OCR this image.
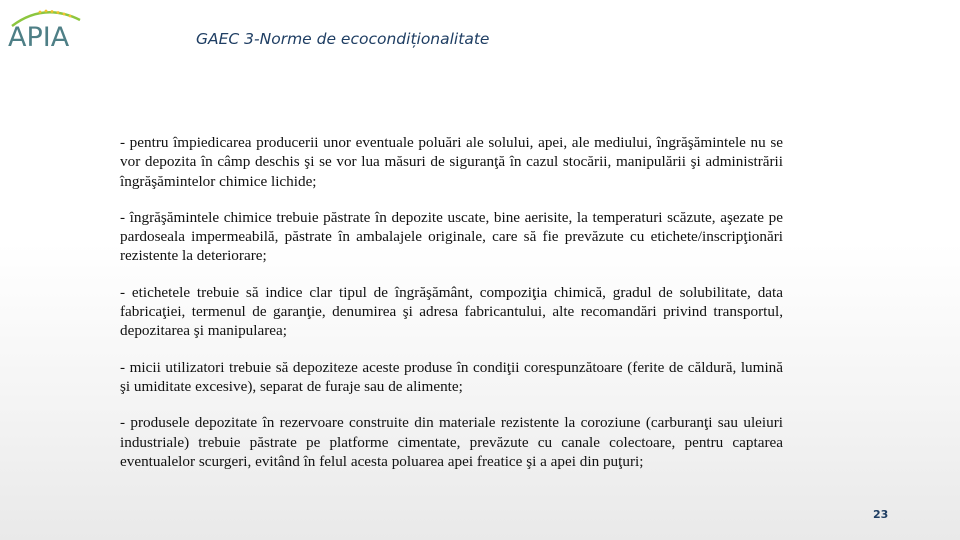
APIA	GAEC 3-Norme de ecocondiționalitate

- pentru împiedicarea producerii unor eventuale poluări ale solului, apei, ale mediului, îngrăşămintele nu se vor depozita în câmp deschis şi se vor lua măsuri de siguranţă în cazul stocării, manipulării şi administrării îngrăşămintelor chimice lichide;

- îngrăşămintele chimice trebuie păstrate în depozite uscate, bine aerisite, la temperaturi scăzute, aşezate pe pardoseala impermeabilă, păstrate în ambalajele originale, care să fie prevăzute cu etichete/inscripţionări rezistente la deteriorare;

- etichetele trebuie să indice clar tipul de îngrăşământ, compoziţia chimică, gradul de solubilitate, data fabricaţiei, termenul de garanţie, denumirea şi adresa fabricantului, alte recomandări privind transportul, depozitarea şi manipularea;

- micii utilizatori trebuie să depoziteze aceste produse în condiţii corespunzătoare (ferite de căldură, lumină şi umiditate excesive), separat de furaje sau de alimente;

- produsele depozitate în rezervoare construite din materiale rezistente la coroziune (carburanţi sau uleiuri industriale) trebuie păstrate pe platforme cimentate, prevăzute cu canale colectoare, pentru captarea eventualelor scurgeri, evitând în felul acesta poluarea apei freatice şi a apei din puţuri;

23
